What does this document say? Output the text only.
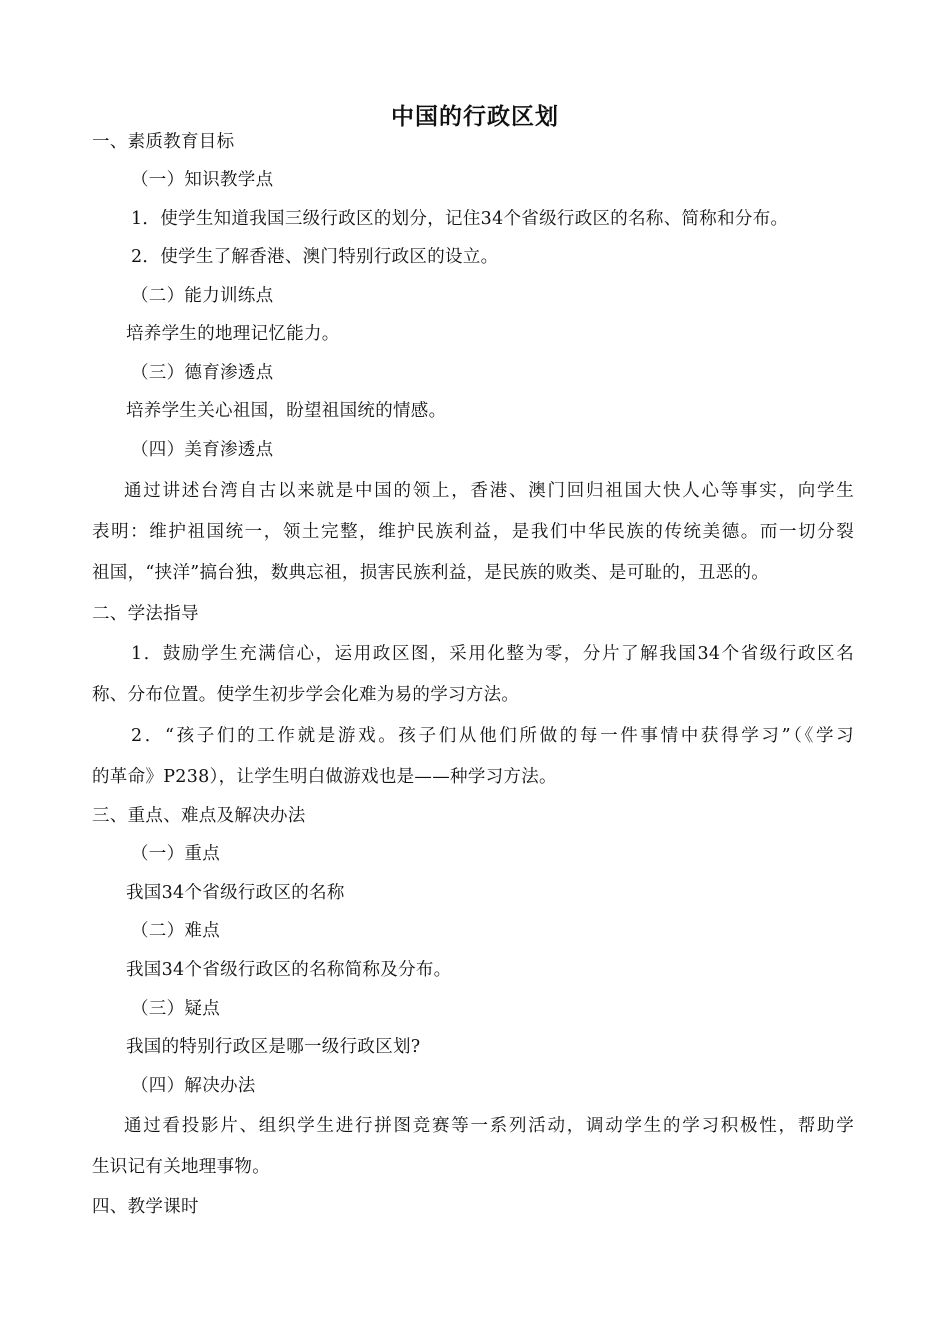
中国的行政区划
一、素质教育目标
（一）知识教学点
1．使学生知道我国三级行政区的划分，记住34个省级行政区的名称、简称和分布。
2．使学生了解香港、澳门特别行政区的设立。
（二）能力训练点
培养学生的地理记忆能力。
（三）德育渗透点
培养学生关心祖国，盼望祖国统的情感。
（四）美育渗透点
通过讲述台湾自古以来就是中国的领上，香港、澳门回归祖国大快人心等事实，向学生
表明：维护祖国统一，领土完整，维护民族利益，是我们中华民族的传统美德。而一切分裂
祖国，“挟洋”搞台独，数典忘祖，损害民族利益，是民族的败类、是可耻的，丑恶的。
二、学法指导
1．鼓励学生充满信心，运用政区图，采用化整为零，分片了解我国34个省级行政区名
称、分布位置。使学生初步学会化难为易的学习方法。
2．“孩子们的工作就是游戏。孩子们从他们所做的每一件事情中获得学习”（《学习
的革命》P238），让学生明白做游戏也是——种学习方法。
三、重点、难点及解决办法
（一）重点
我国34个省级行政区的名称
（二）难点
我国34个省级行政区的名称简称及分布。
（三）疑点
我国的特别行政区是哪一级行政区划?
（四）解决办法
通过看投影片、组织学生进行拼图竞赛等一系列活动，调动学生的学习积极性，帮助学
生识记有关地理事物。
四、教学课时
